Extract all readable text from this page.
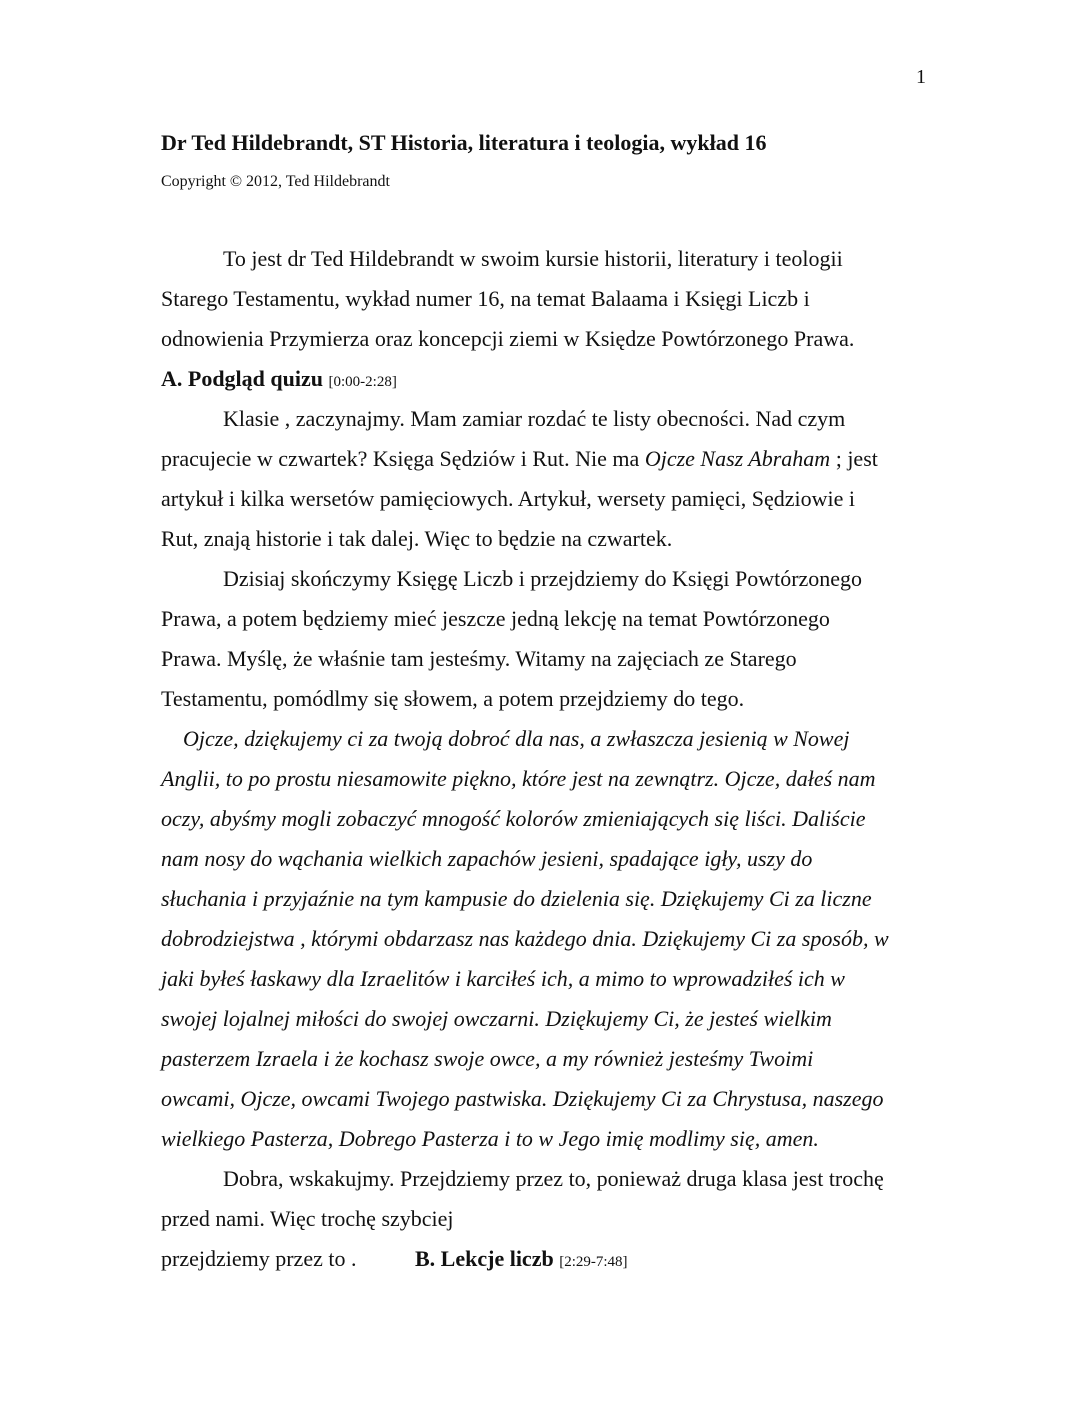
1
Dr Ted Hildebrandt, ST Historia, literatura i teologia, wykład 16
Copyright © 2012, Ted Hildebrandt
To jest dr Ted Hildebrandt w swoim kursie historii, literatury i teologii
Starego Testamentu, wykład numer 16, na temat Balaama i Księgi Liczb i
odnowienia Przymierza oraz koncepcji ziemi w Księdze Powtórzonego Prawa.
A. Podgląd quizu [0:00-2:28]
Klasie , zaczynajmy. Mam zamiar rozdać te listy obecności. Nad czym
pracujecie w czwartek? Księga Sędziów i Rut. Nie ma Ojcze Nasz Abraham ; jest
artykuł i kilka wersetów pamięciowych. Artykuł, wersety pamięci, Sędziowie i
Rut, znają historie i tak dalej. Więc to będzie na czwartek.
Dzisiaj skończymy Księgę Liczb i przejdziemy do Księgi Powtórzonego
Prawa, a potem będziemy mieć jeszcze jedną lekcję na temat Powtórzonego
Prawa. Myślę, że właśnie tam jesteśmy. Witamy na zajęciach ze Starego
Testamentu, pomódlmy się słowem, a potem przejdziemy do tego.
Ojcze, dziękujemy ci za twoją dobroć dla nas, a zwłaszcza jesienią w Nowej
Anglii, to po prostu niesamowite piękno, które jest na zewnątrz. Ojcze, dałeś nam
oczy, abyśmy mogli zobaczyć mnogość kolorów zmieniających się liści. Daliście
nam nosy do wąchania wielkich zapachów jesieni, spadające igły, uszy do
słuchania i przyjaźnie na tym kampusie do dzielenia się. Dziękujemy Ci za liczne
dobrodziejstwa , którymi obdarzasz nas każdego dnia. Dziękujemy Ci za sposób, w
jaki byłeś łaskawy dla Izraelitów i karciłeś ich, a mimo to wprowadziłeś ich w
swojej lojalnej miłości do swojej owczarni. Dziękujemy Ci, że jesteś wielkim
pasterzem Izraela i że kochasz swoje owce, a my również jesteśmy Twoimi
owcami, Ojcze, owcami Twojego pastwiska. Dziękujemy Ci za Chrystusa, naszego
wielkiego Pasterza, Dobrego Pasterza i to w Jego imię modlimy się, amen.
Dobra, wskakujmy. Przejdziemy przez to, ponieważ druga klasa jest trochę
przed nami. Więc trochę szybciej
przejdziemy przez to .	B. Lekcje liczb [2:29-7:48]
